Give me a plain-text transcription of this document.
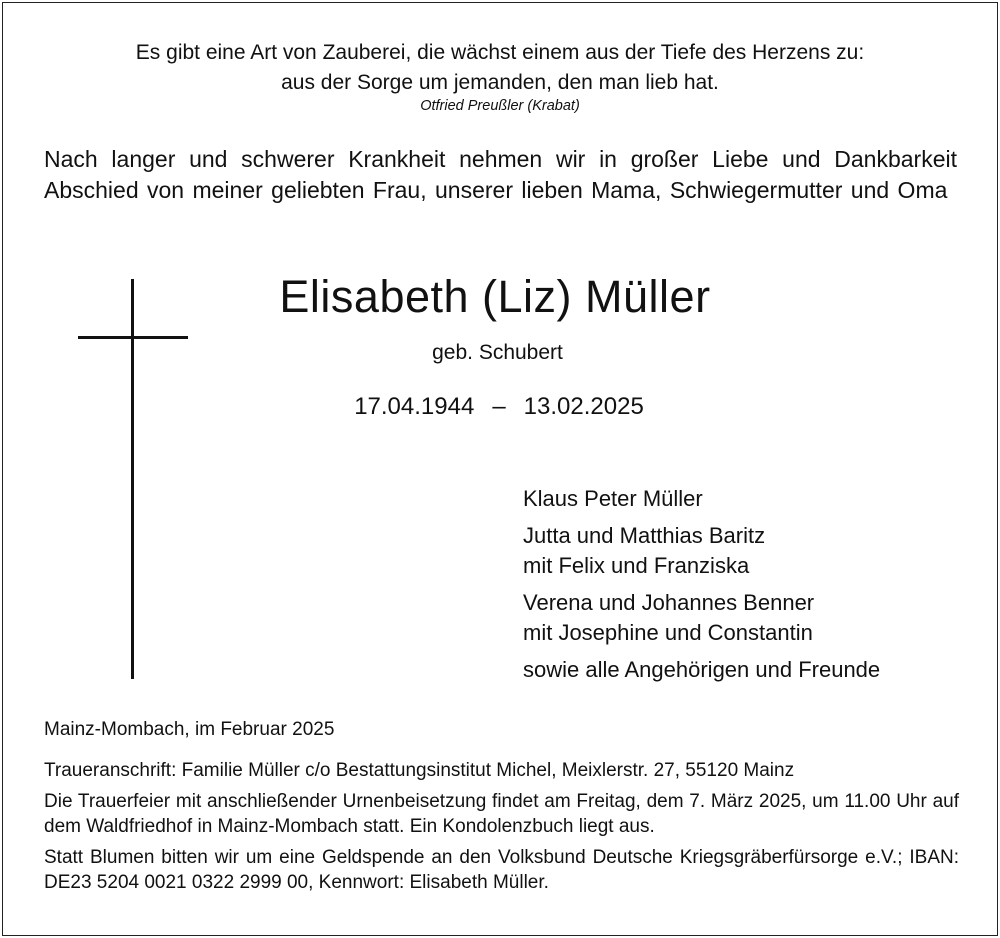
Es gibt eine Art von Zauberei, die wächst einem aus der Tiefe des Herzens zu:
aus der Sorge um jemanden, den man lieb hat.
Otfried Preußler (Krabat)
Nach langer und schwerer Krankheit nehmen wir in großer Liebe und Dankbarkeit Abschied von meiner geliebten Frau, unserer lieben Mama, Schwiegermutter und Oma
Elisabeth (Liz) Müller
geb. Schubert
17.04.1944 – 13.02.2025
Klaus Peter Müller
Jutta und Matthias Baritz
mit Felix und Franziska
Verena und Johannes Benner
mit Josephine und Constantin
sowie alle Angehörigen und Freunde
Mainz-Mombach, im Februar 2025

Traueranschrift: Familie Müller c/o Bestattungsinstitut Michel, Meixlerstr. 27, 55120 Mainz

Die Trauerfeier mit anschließender Urnenbeisetzung findet am Freitag, dem 7. März 2025, um 11.00 Uhr auf dem Waldfriedhof in Mainz-Mombach statt. Ein Kondolenzbuch liegt aus.

Statt Blumen bitten wir um eine Geldspende an den Volksbund Deutsche Kriegsgräberfürsorge e.V.; IBAN: DE23 5204 0021 0322 2999 00, Kennwort: Elisabeth Müller.
